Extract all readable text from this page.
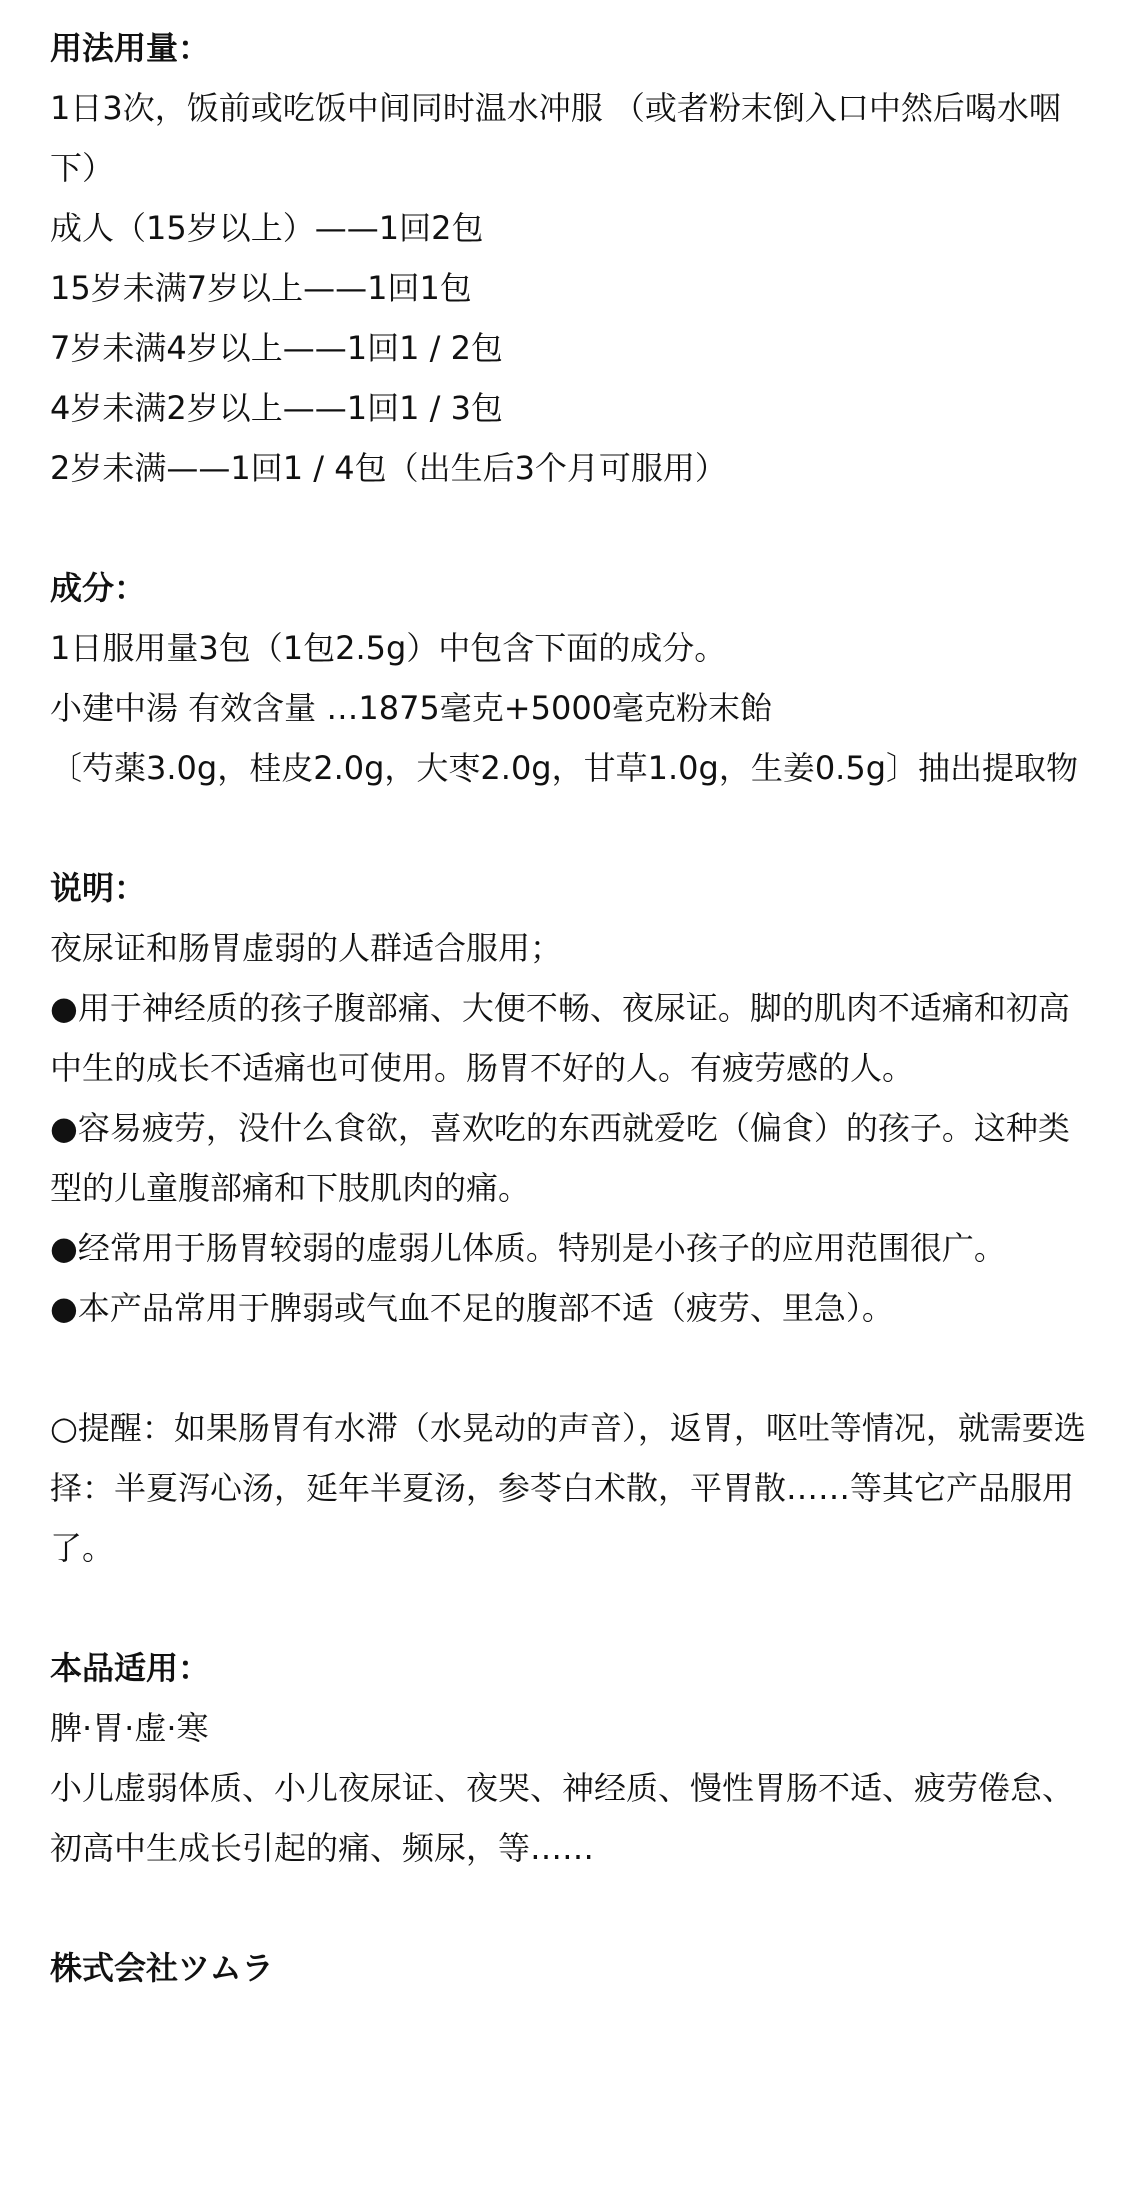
用法用量：
1日3次，饭前或吃饭中间同时温水冲服 （或者粉末倒入口中然后喝水咽下）
成人（15岁以上）——1回2包
15岁未满7岁以上——1回1包
7岁未满4岁以上——1回1 / 2包
4岁未满2岁以上——1回1 / 3包
2岁未满——1回1 / 4包（出生后3个月可服用）
成分：
1日服用量3包（1包2.5g）中包含下面的成分。
小建中湯 有效含量 …1875毫克+5000毫克粉末飴
〔芍薬3.0g，桂皮2.0g，大枣2.0g，甘草1.0g，生姜0.5g〕抽出提取物
说明：
夜尿证和肠胃虚弱的人群适合服用；
●用于神经质的孩子腹部痛、大便不畅、夜尿证。脚的肌肉不适痛和初高中生的成长不适痛也可使用。肠胃不好的人。有疲劳感的人。
●容易疲劳，没什么食欲，喜欢吃的东西就爱吃（偏食）的孩子。这种类型的儿童腹部痛和下肢肌肉的痛。
●经常用于肠胃较弱的虚弱儿体质。特别是小孩子的应用范围很广。
●本产品常用于脾弱或气血不足的腹部不适（疲劳、里急）。
○提醒：如果肠胃有水滞（水晃动的声音），返胃，呕吐等情况，就需要选择：半夏泻心汤，延年半夏汤，参苓白术散，平胃散……等其它产品服用了。
本品适用：
脾·胃·虚·寒
小儿虚弱体质、小儿夜尿证、夜哭、神经质、慢性胃肠不适、疲劳倦怠、初高中生成长引起的痛、频尿，等……
株式会社ツムラ
